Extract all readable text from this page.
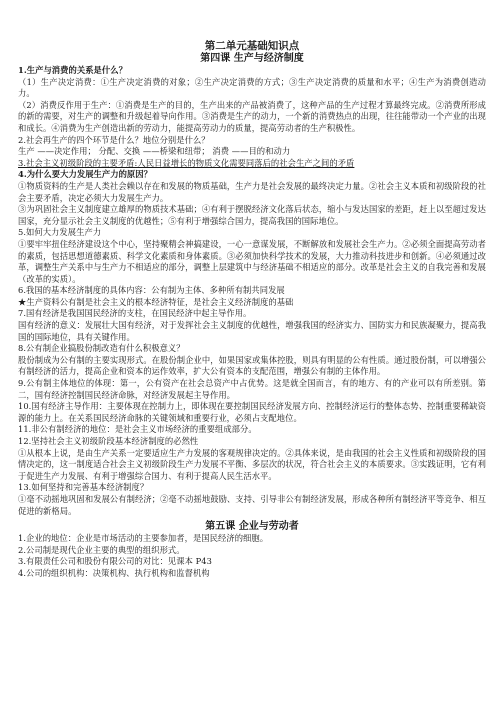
第二单元基础知识点
第四课 生产与经济制度

1.生产与消费的关系是什么？

（1）生产决定消费：①生产决定消费的对象；②生产决定消费的方式；③生产决定消费的质量和水平；④生产为消费创造动力。

（2）消费反作用于生产：①消费是生产的目的，生产出来的产品被消费了，这种产品的生产过程才算最终完成。②消费所形成的新的需要，对生产的调整和升级起着导向作用。③消费是生产的动力，一个新的消费热点的出现，往往能带动一个产业的出现和成长。④消费为生产创造出新的劳动力，能提高劳动力的质量，提高劳动者的生产积极性。

2.社会再生产的四个环节是什么？地位分别是什么？

生产 ——决定作用； 分配、交换 ——桥梁和纽带； 消费 ——目的和动力

3.社会主义初级阶段的主要矛盾:人民日益增长的物质文化需要同落后的社会生产之间的矛盾

4.为什么要大力发展生产力的原因？

①物质资料的生产是人类社会赖以存在和发展的物质基础，生产力是社会发展的最终决定力量。②社会主义本质和初级阶段的社会主要矛盾，决定必须大力发展生产力。

③为巩固社会主义制度建立雄厚的物质技术基础；④有利于摆脱经济文化落后状态，缩小与发达国家的差距，赶上以至超过发达国家，充分显示社会主义制度的优越性；⑤有利于增强综合国力，提高我国的国际地位。

5.如何大力发展生产力

①要牢牢扭住经济建设这个中心，坚持聚精会神搞建设，一心一意谋发展，不断解放和发展社会生产力。②必须全面提高劳动者的素质，包括思想道德素质、科学文化素质和身体素质。③必须加快科学技术的发展，大力推动科技进步和创新。④必须通过改革，调整生产关系中与生产力不相适应的部分，调整上层建筑中与经济基础不相适应的部分。改革是社会主义的自我完善和发展（改革的实质）。

6.我国的基本经济制度的具体内容：公有制为主体、多种所有制共同发展

★生产资料公有制是社会主义的根本经济特征，是社会主义经济制度的基础

7.国有经济是我国国民经济的支柱，在国民经济中起主导作用。

国有经济的意义：发展壮大国有经济，对于发挥社会主义制度的优越性，增强我国的经济实力、国防实力和民族凝聚力，提高我国的国际地位，具有关键作用。

8.公有制企业搞股份制改造有什么积极意义？

股份制成为公有制的主要实现形式。在股份制企业中，如果国家或集体控股，则具有明显的公有性质。通过股份制，可以增强公有制经济的活力，提高企业和资本的运作效率，扩大公有资本的支配范围，增强公有制的主体作用。

9.公有制主体地位的体现：第一，公有资产在社会总资产中占优势。这是就全国而言，有的地方、有的产业可以有所差别。第二，国有经济控制国民经济命脉，对经济发展起主导作用。

10.国有经济主导作用：主要体现在控制力上，即体现在要控制国民经济发展方向、控制经济运行的整体态势、控制重要稀缺资源的能力上。在关系国民经济命脉的关键领域和重要行业，必须占支配地位。

11.非公有制经济的地位：是社会主义市场经济的重要组成部分。

12.坚持社会主义初级阶段基本经济制度的必然性

①从根本上说，是由生产关系一定要适应生产力发展的客观规律决定的。②具体来说，是由我国的社会主义性质和初级阶段的国情决定的，这一制度适合社会主义初级阶段生产力发展不平衡、多层次的状况，符合社会主义的本质要求。③实践证明，它有利于促进生产力发展、有利于增强综合国力、有利于提高人民生活水平。

13.如何坚持和完善基本经济制度？

①毫不动摇地巩固和发展公有制经济；②毫不动摇地鼓励、支持、引导非公有制经济发展，形成各种所有制经济平等竞争、相互促进的新格局。

第五课 企业与劳动者

1.企业的地位：企业是市场活动的主要参加者，是国民经济的细胞。

2.公司制是现代企业主要的典型的组织形式。

3.有限责任公司和股份有限公司的对比：见课本 P43

4.公司的组织机构：决策机构、执行机构和监督机构
